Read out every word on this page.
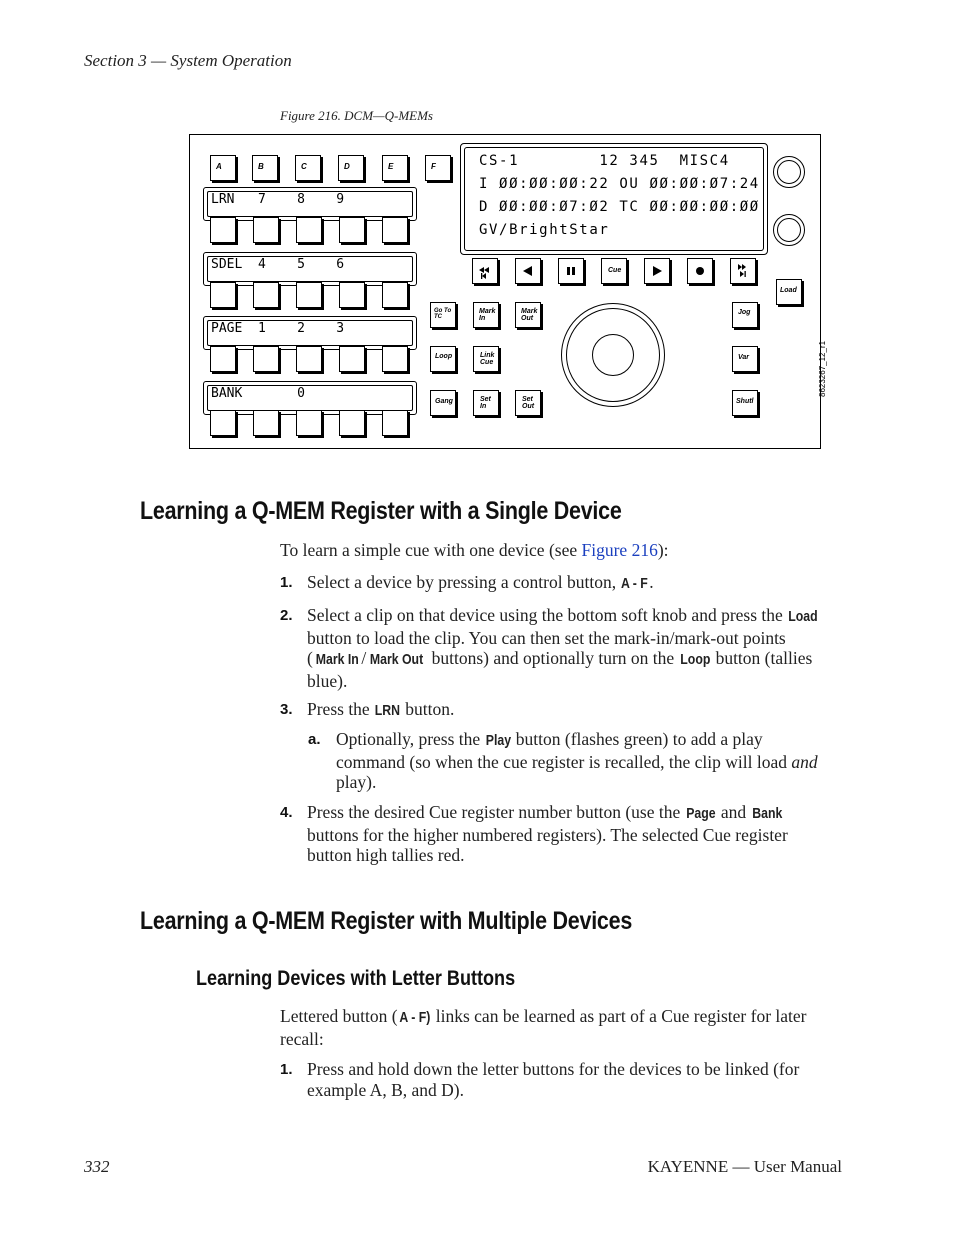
Section 3 — System Operation
Figure 216. DCM—Q-MEMs
A	B	C	D	E	F
LRN   7    8    9
SDEL  4    5    6
PAGE  1    2    3
BANK       0
CS-1        12 345  MISC4
I ØØ:ØØ:ØØ:22 OU ØØ:ØØ:Ø7:24
D ØØ:ØØ:Ø7:Ø2 TC ØØ:ØØ:ØØ:ØØ
GV/BrightStar
Cue
Load
Go To
TC
Mark
In
Mark
Out
Loop	Link
Cue
Gang	Set
In
Set
Out
Jog
Var
Shutl
8623267_12_r1
Learning a Q-MEM Register with a Single Device
To learn a simple cue with one device (see Figure 216):
1. Select a device by pressing a control button, A - F.
2. Select a clip on that device using the bottom soft knob and press the Load
button to load the clip. You can then set the mark-in/mark-out points
( Mark In / Mark Out buttons) and optionally turn on the Loop button (tallies
blue).
3. Press the LRN button.
a. Optionally, press the Play button (flashes green) to add a play
command (so when the cue register is recalled, the clip will load and
play).
4. Press the desired Cue register number button (use the Page and Bank
buttons for the higher numbered registers). The selected Cue register
button high tallies red.
Learning a Q-MEM Register with Multiple Devices
Learning Devices with Letter Buttons
Lettered button (A - F) links can be learned as part of a Cue register for later
recall:
1. Press and hold down the letter buttons for the devices to be linked (for
example A, B, and D).
332	KAYENNE — User Manual
